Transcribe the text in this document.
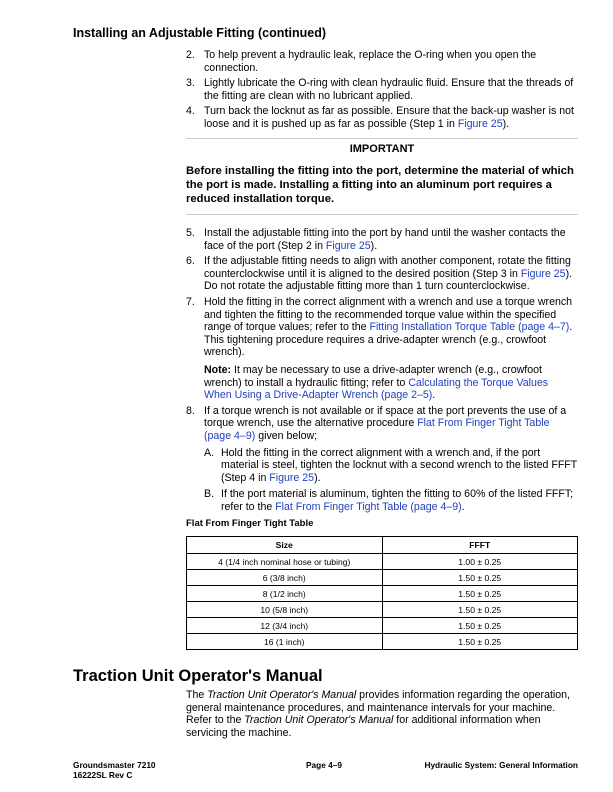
Installing an Adjustable Fitting (continued)
2. To help prevent a hydraulic leak, replace the O-ring when you open the connection.
3. Lightly lubricate the O-ring with clean hydraulic fluid. Ensure that the threads of the fitting are clean with no lubricant applied.
4. Turn back the locknut as far as possible. Ensure that the back-up washer is not loose and it is pushed up as far as possible (Step 1 in Figure 25).
IMPORTANT
Before installing the fitting into the port, determine the material of which the port is made. Installing a fitting into an aluminum port requires a reduced installation torque.
5. Install the adjustable fitting into the port by hand until the washer contacts the face of the port (Step 2 in Figure 25).
6. If the adjustable fitting needs to align with another component, rotate the fitting counterclockwise until it is aligned to the desired position (Step 3 in Figure 25). Do not rotate the adjustable fitting more than 1 turn counterclockwise.
7. Hold the fitting in the correct alignment with a wrench and use a torque wrench and tighten the fitting to the recommended torque value within the specified range of torque values; refer to the Fitting Installation Torque Table (page 4–7). This tightening procedure requires a drive-adapter wrench (e.g., crowfoot wrench).
Note: It may be necessary to use a drive-adapter wrench (e.g., crowfoot wrench) to install a hydraulic fitting; refer to Calculating the Torque Values When Using a Drive-Adapter Wrench (page 2–5).
8. If a torque wrench is not available or if space at the port prevents the use of a torque wrench, use the alternative procedure Flat From Finger Tight Table (page 4–9) given below;
A. Hold the fitting in the correct alignment with a wrench and, if the port material is steel, tighten the locknut with a second wrench to the listed FFFT (Step 4 in Figure 25).
B. If the port material is aluminum, tighten the fitting to 60% of the listed FFFT; refer to the Flat From Finger Tight Table (page 4–9).
Flat From Finger Tight Table
Size	FFFT
4 (1/4 inch nominal hose or tubing)	1.00 ± 0.25
6 (3/8 inch)	1.50 ± 0.25
8 (1/2 inch)	1.50 ± 0.25
10 (5/8 inch)	1.50 ± 0.25
12 (3/4 inch)	1.50 ± 0.25
16 (1 inch)	1.50 ± 0.25
Traction Unit Operator's Manual
The Traction Unit Operator's Manual provides information regarding the operation, general maintenance procedures, and maintenance intervals for your machine. Refer to the Traction Unit Operator's Manual for additional information when servicing the machine.
Groundsmaster 7210
16222SL Rev C
Page 4–9	Hydraulic System: General Information
